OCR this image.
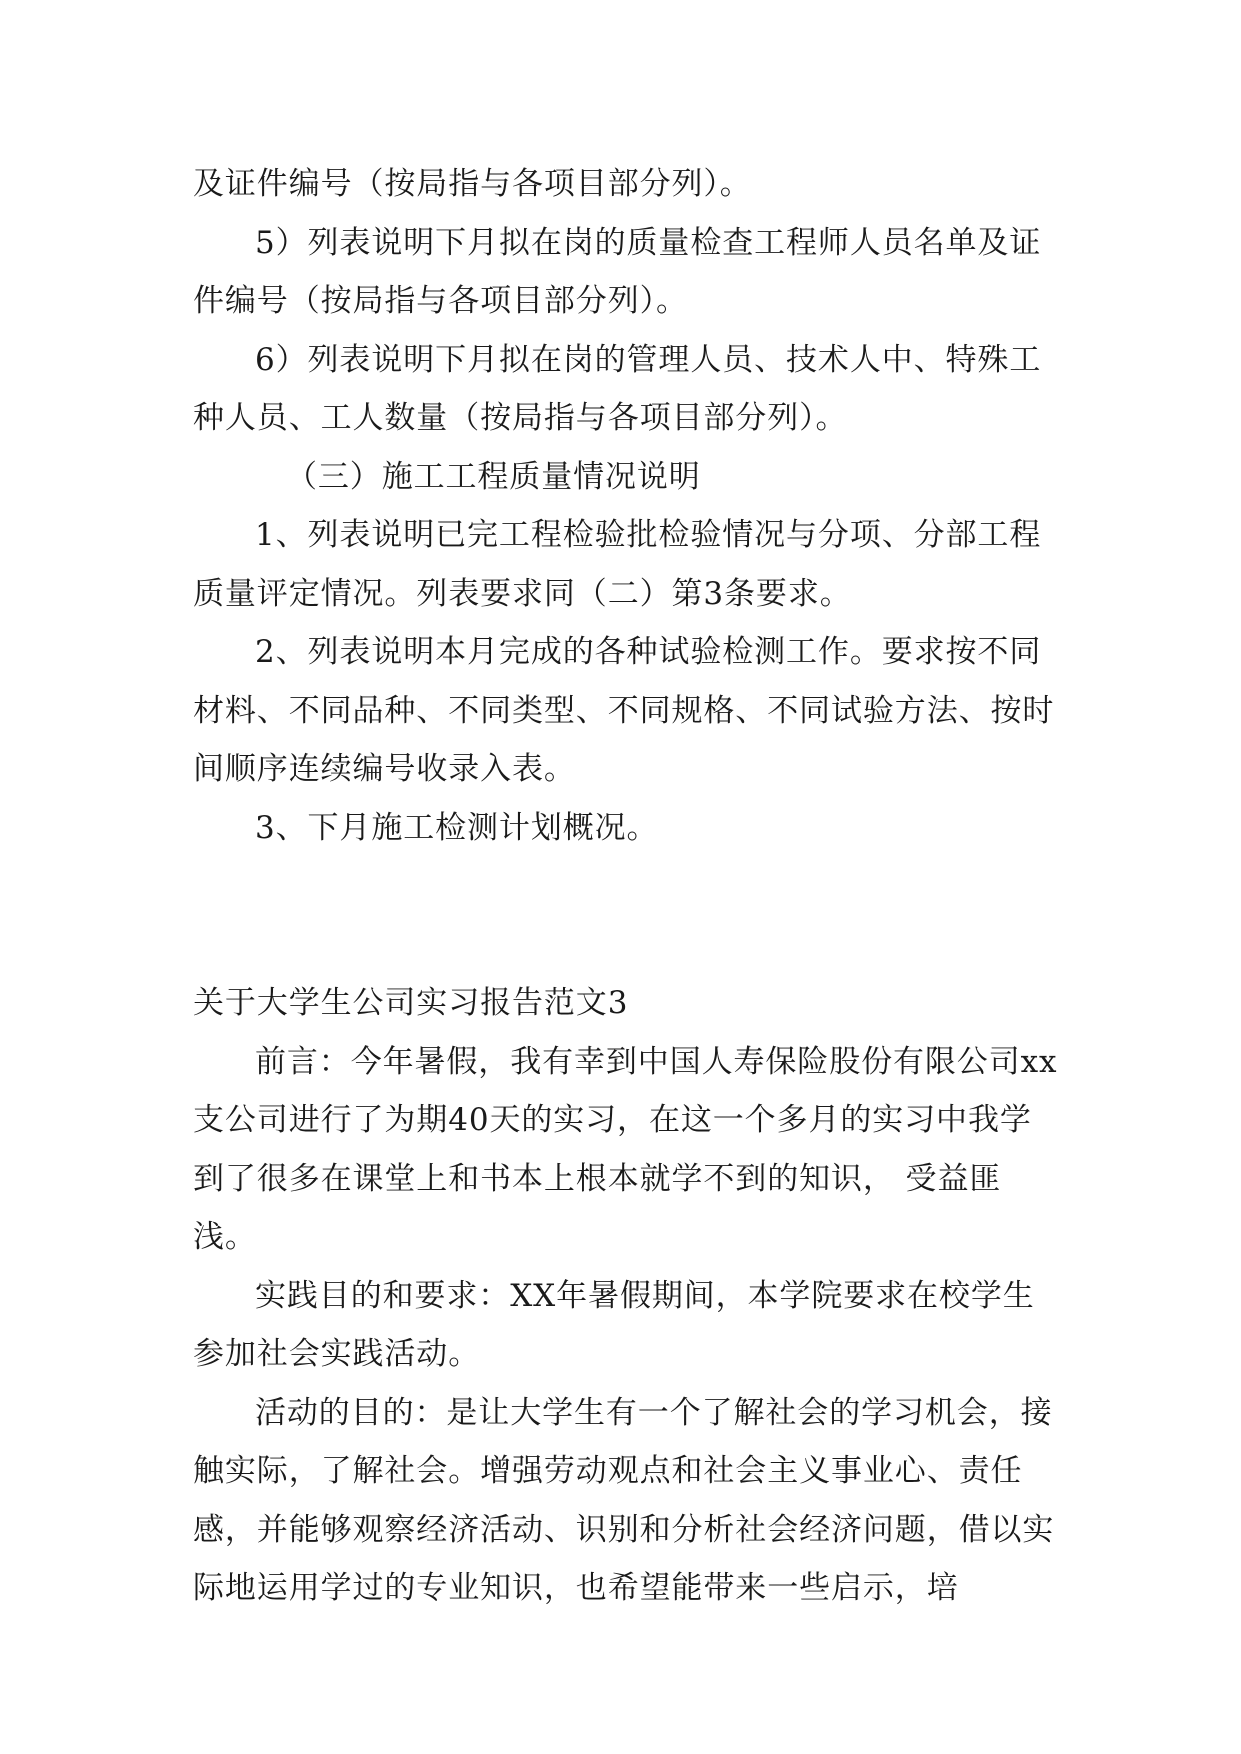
及证件编号（按局指与各项目部分列）。

5）列表说明下月拟在岗的质量检查工程师人员名单及证件编号（按局指与各项目部分列）。

6）列表说明下月拟在岗的管理人员、技术人中、特殊工种人员、工人数量（按局指与各项目部分列）。

（三）施工工程质量情况说明

1、列表说明已完工程检验批检验情况与分项、分部工程质量评定情况。列表要求同（二）第3条要求。

2、列表说明本月完成的各种试验检测工作。要求按不同材料、不同品种、不同类型、不同规格、不同试验方法、按时间顺序连续编号收录入表。

3、下月施工检测计划概况。

关于大学生公司实习报告范文3

前言：今年暑假，我有幸到中国人寿保险股份有限公司xx支公司进行了为期40天的实习，在这一个多月的实习中我学到了很多在课堂上和书本上根本就学不到的知识， 受益匪浅。

实践目的和要求：XX年暑假期间，本学院要求在校学生参加社会实践活动。

活动的目的：是让大学生有一个了解社会的学习机会，接触实际，了解社会。增强劳动观点和社会主义事业心、责任感，并能够观察经济活动、识别和分析社会经济问题，借以实际地运用学过的专业知识，也希望能带来一些启示，培
